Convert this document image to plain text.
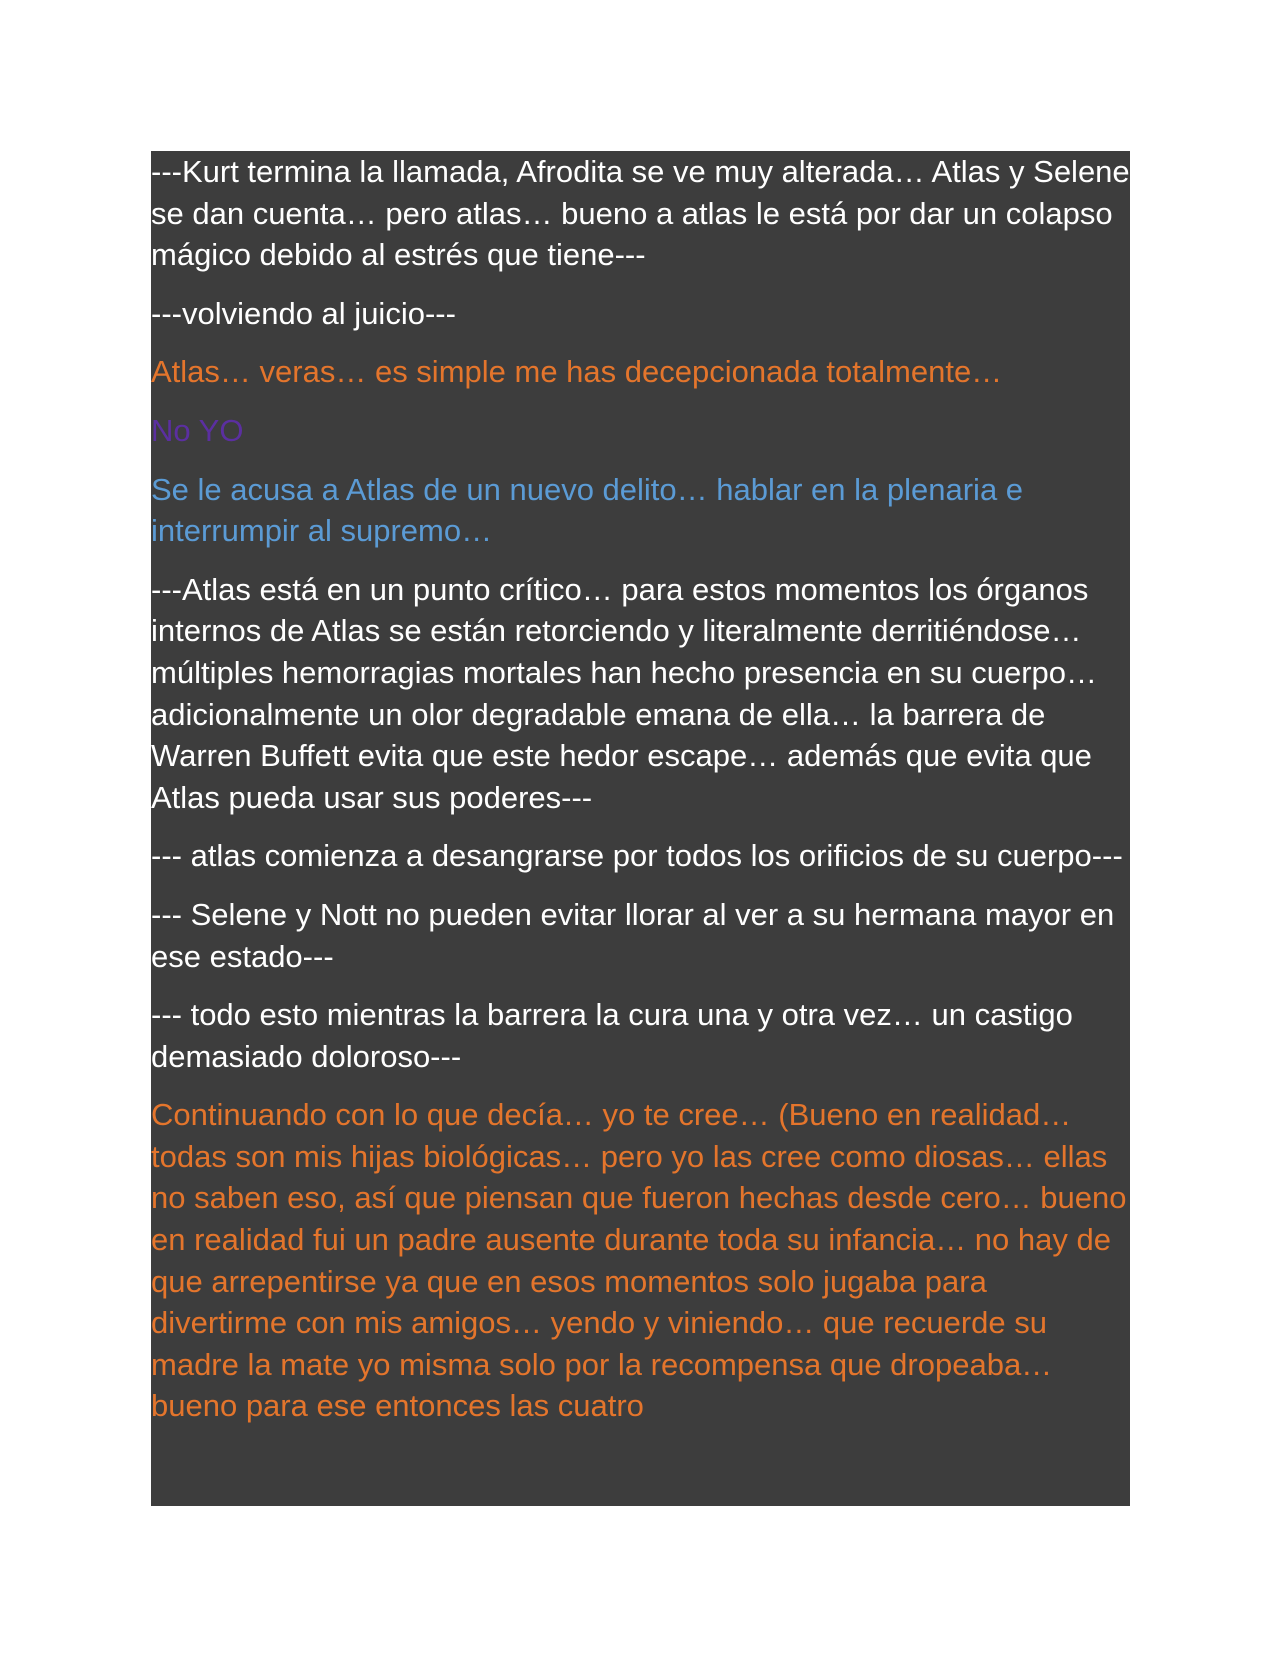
---Kurt termina la llamada, Afrodita se ve muy alterada… Atlas y Selene se dan cuenta… pero atlas… bueno a atlas le está por dar un colapso mágico debido al estrés que tiene---

---volviendo al juicio---

Atlas… veras… es simple me has decepcionada totalmente…

No YO

Se le acusa a Atlas de un nuevo delito… hablar en la plenaria e interrumpir al supremo…

---Atlas está en un punto crítico… para estos momentos los órganos internos de Atlas se están retorciendo y literalmente derritiéndose… múltiples hemorragias mortales han hecho presencia en su cuerpo… adicionalmente un olor degradable emana de ella… la barrera de Warren Buffett evita que este hedor escape… además que evita que Atlas pueda usar sus poderes---

--- atlas comienza a desangrarse por todos los orificios de su cuerpo---

--- Selene y Nott no pueden evitar llorar al ver a su hermana mayor en ese estado---

--- todo esto mientras la barrera la cura una y otra vez… un castigo demasiado doloroso---

Continuando con lo que decía… yo te cree… (Bueno en realidad… todas son mis hijas biológicas… pero yo las cree como diosas… ellas no saben eso, así que piensan que fueron hechas desde cero… bueno en realidad fui un padre ausente durante toda su infancia… no hay de que arrepentirse ya que en esos momentos solo jugaba para divertirme con mis amigos… yendo y viniendo… que recuerde su madre la mate yo misma solo por la recompensa que dropeaba… bueno para ese entonces las cuatro
